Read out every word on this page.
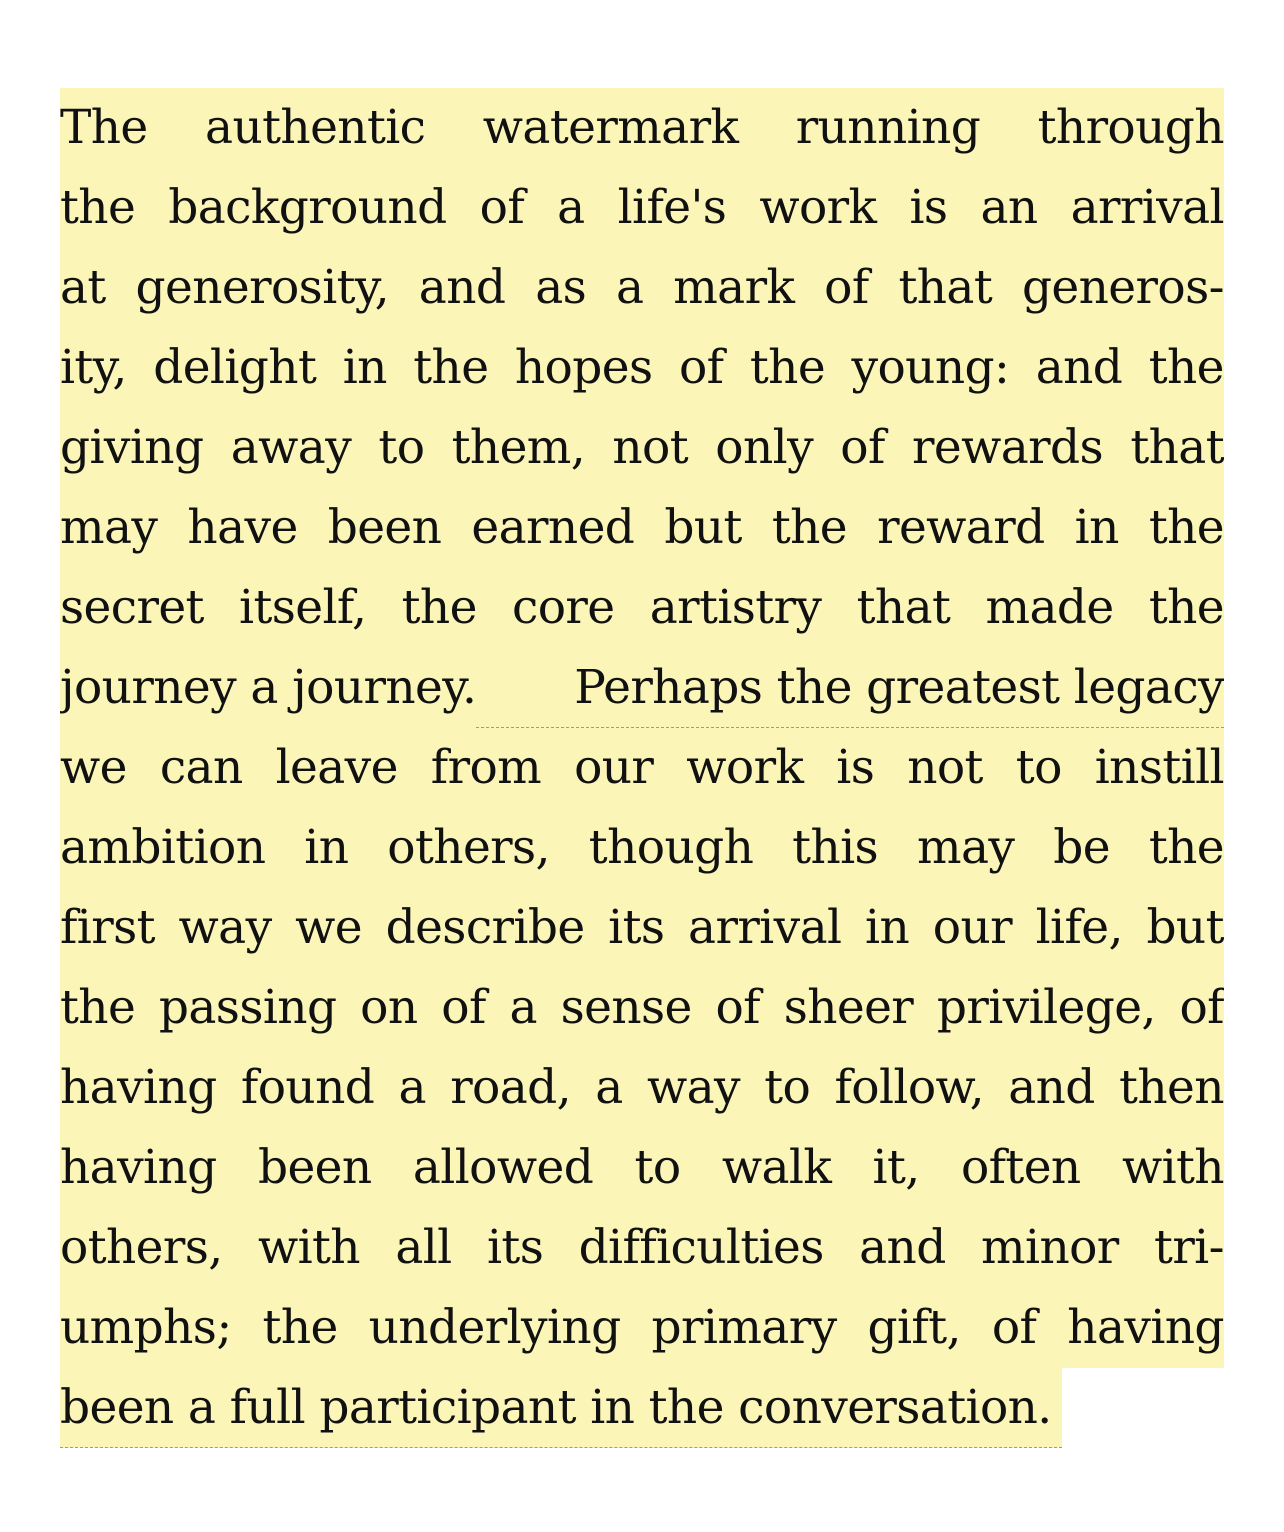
The authentic watermark running through
the background of a life's work is an arrival
at generosity, and as a mark of that generos-
ity, delight in the hopes of the young: and the
giving away to them, not only of rewards that
may have been earned but the reward in the
secret itself, the core artistry that made the
journey a journey.	Perhaps the greatest legacy
we can leave from our work is not to instill
ambition in others, though this may be the
first way we describe its arrival in our life, but
the passing on of a sense of sheer privilege, of
having found a road, a way to follow, and then
having been allowed to walk it, often with
others, with all its difficulties and minor tri-
umphs; the underlying primary gift, of having
been a full participant in the conversation.
